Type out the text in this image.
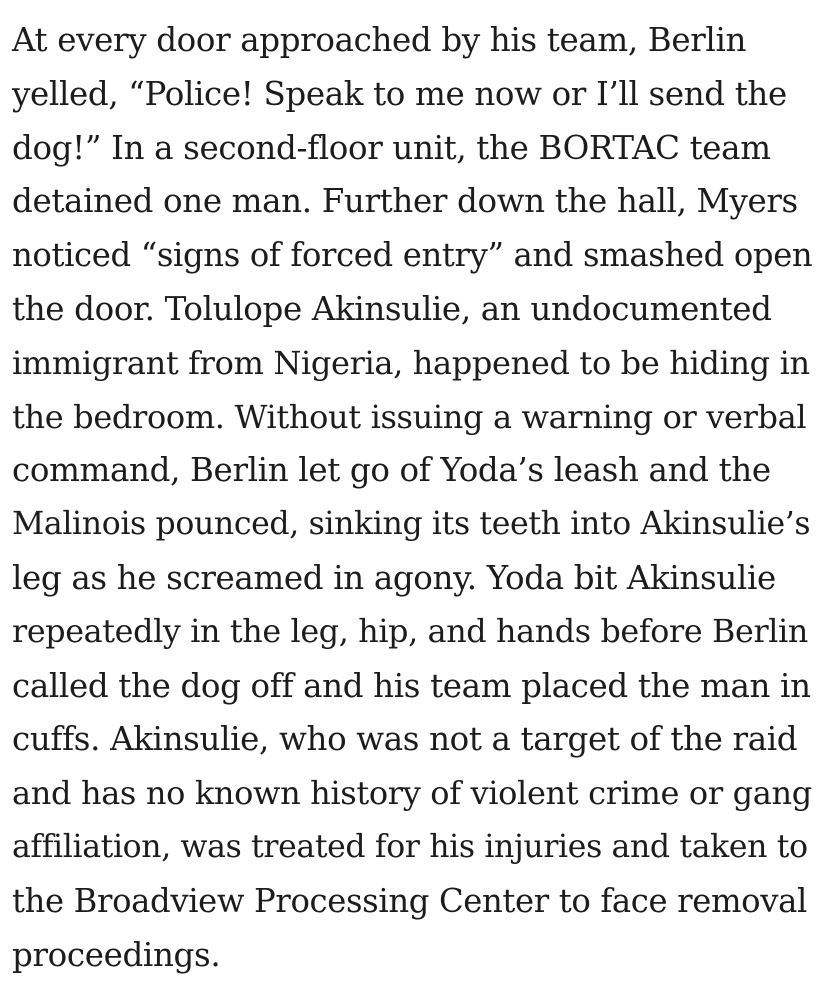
At every door approached by his team, Berlin
yelled, “Police! Speak to me now or I’ll send the
dog!” In a second-floor unit, the BORTAC team
detained one man. Further down the hall, Myers
noticed “signs of forced entry” and smashed open
the door. Tolulope Akinsulie, an undocumented
immigrant from Nigeria, happened to be hiding in
the bedroom. Without issuing a warning or verbal
command, Berlin let go of Yoda’s leash and the
Malinois pounced, sinking its teeth into Akinsulie’s
leg as he screamed in agony. Yoda bit Akinsulie
repeatedly in the leg, hip, and hands before Berlin
called the dog off and his team placed the man in
cuffs. Akinsulie, who was not a target of the raid
and has no known history of violent crime or gang
affiliation, was treated for his injuries and taken to
the Broadview Processing Center to face removal
proceedings.
